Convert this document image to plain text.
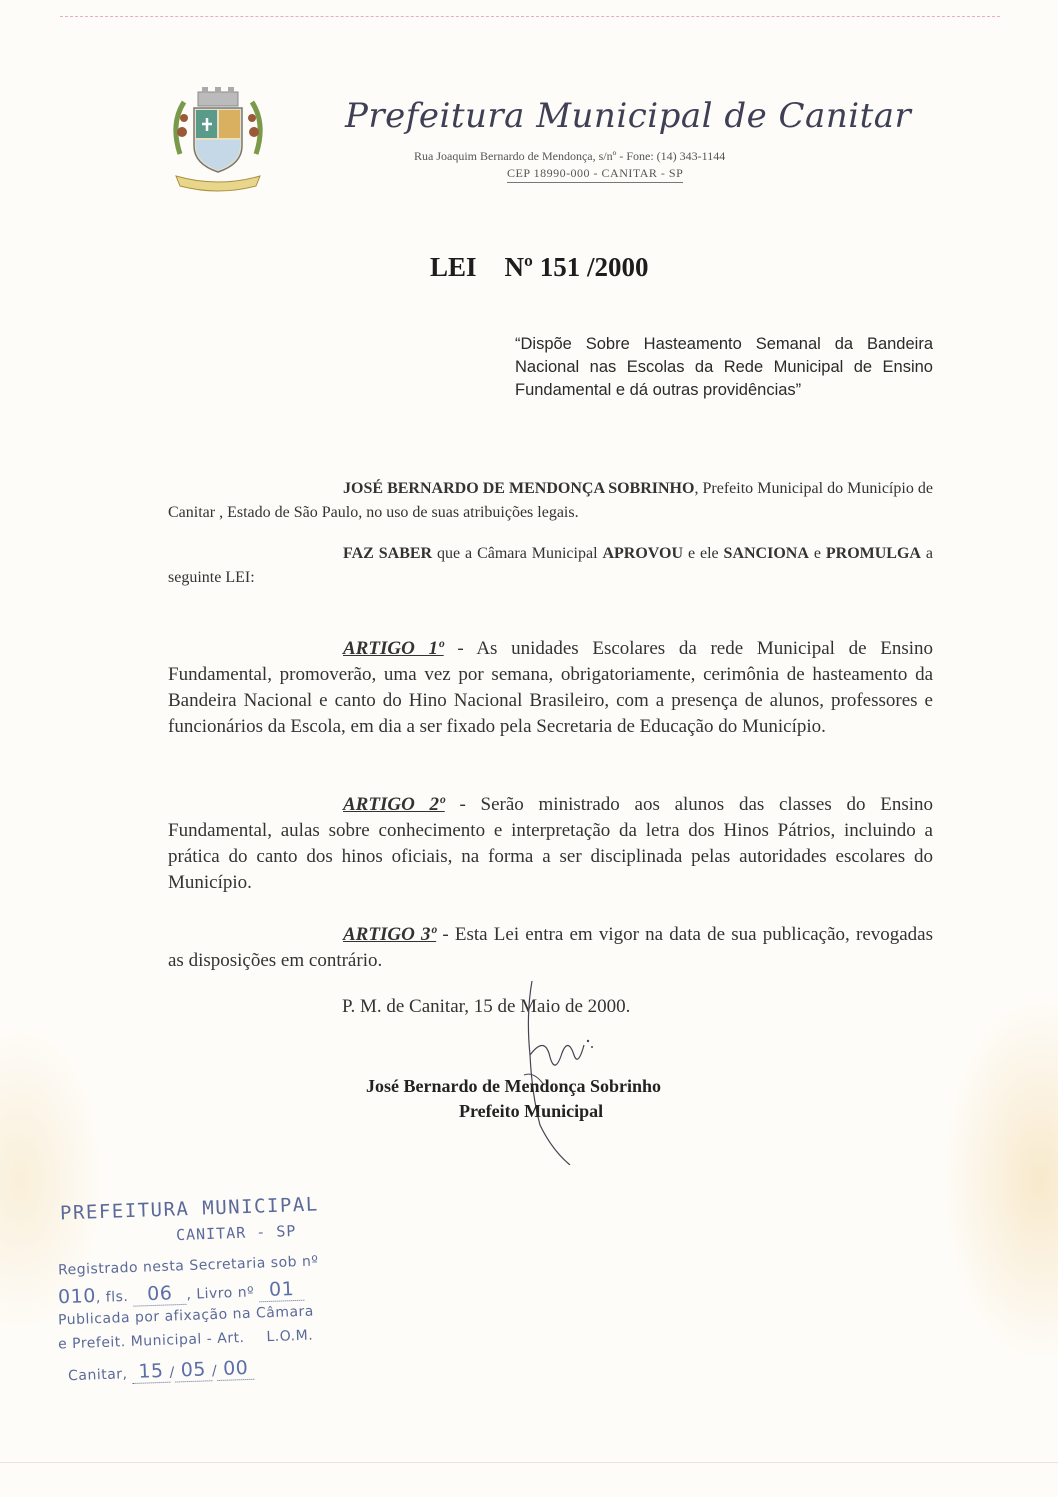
Prefeitura Municipal de Canitar
Rua Joaquim Bernardo de Mendonça, s/nº - Fone: (14) 343-1144
CEP 18990-000 - CANITAR - SP
LEI Nº 151 /2000
“Dispõe Sobre Hasteamento Semanal da Bandeira Nacional nas Escolas da Rede Municipal de Ensino Fundamental e dá outras providências”
JOSÉ BERNARDO DE MENDONÇA SOBRINHO, Prefeito Municipal do Município de Canitar , Estado de São Paulo, no uso de suas atribuições legais.
FAZ SABER que a Câmara Municipal APROVOU e ele SANCIONA e PROMULGA a seguinte LEI:
ARTIGO 1º - As unidades Escolares da rede Municipal de Ensino Fundamental, promoverão, uma vez por semana, obrigatoriamente, cerimônia de hasteamento da Bandeira Nacional e canto do Hino Nacional Brasileiro, com a presença de alunos, professores e funcionários da Escola, em dia a ser fixado pela Secretaria de Educação do Município.
ARTIGO 2º - Serão ministrado aos alunos das classes do Ensino Fundamental, aulas sobre conhecimento e interpretação da letra dos Hinos Pátrios, incluindo a prática do canto dos hinos oficiais, na forma a ser disciplinada pelas autoridades escolares do Município.
ARTIGO 3º - Esta Lei entra em vigor na data de sua publicação, revogadas as disposições em contrário.
P. M. de Canitar, 15 de Maio de 2000.
José Bernardo de Mendonça Sobrinho
Prefeito Municipal
PREFEITURA MUNICIPAL
CANITAR - SP
Registrado nesta Secretaria sob nº
010, fls. 06 , Livro nº 01
Publicada por afixação na Câmara
e Prefeit. Municipal - Art. L.O.M.
Canitar, 15 / 05 / 00
